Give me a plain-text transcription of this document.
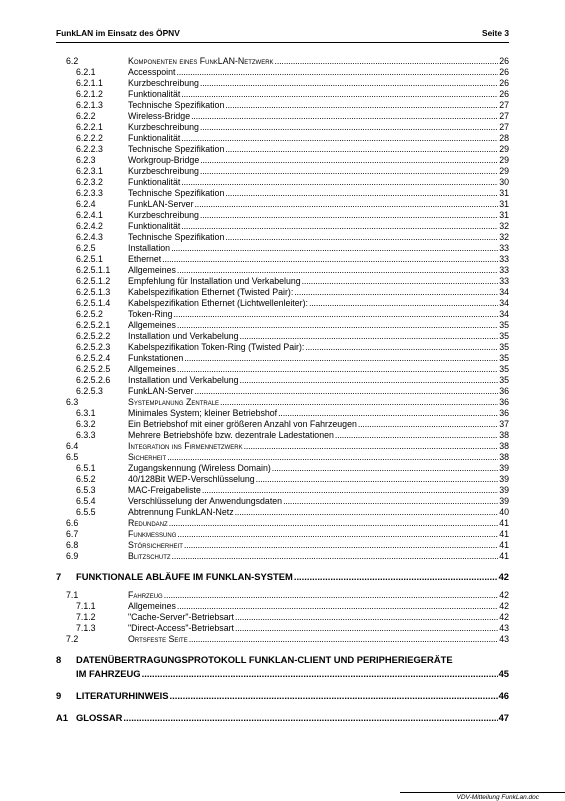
FunkLAN im Einsatz des ÖPNV	Seite 3
6.2	Komponenten eines FunkLAN-Netzwerk . . .	26
6.2.1	Accesspoint . . .	26
6.2.1.1	Kurzbeschreibung . . .	26
6.2.1.2	Funktionalität . . .	26
6.2.1.3	Technische Spezifikation . . .	27
6.2.2	Wireless-Bridge . . .	27
6.2.2.1	Kurzbeschreibung . . .	27
6.2.2.2	Funktionalität . . .	28
6.2.2.3	Technische Spezifikation . . .	29
6.2.3	Workgroup-Bridge . . .	29
6.2.3.1	Kurzbeschreibung . . .	29
6.2.3.2	Funktionalität . . .	30
6.2.3.3	Technische Spezifikation . . .	31
6.2.4	FunkLAN-Server . . .	31
6.2.4.1	Kurzbeschreibung . . .	31
6.2.4.2	Funktionalität . . .	32
6.2.4.3	Technische Spezifikation . . .	32
6.2.5	Installation . . .	33
6.2.5.1	Ethernet . . .	33
6.2.5.1.1 Allgemeines . . .	33
6.2.5.1.2 Empfehlung für Installation und Verkabelung . . .	33
6.2.5.1.3 Kabelspezifikation Ethernet (Twisted Pair): . . .	34
6.2.5.1.4 Kabelspezifikation Ethernet (Lichtwellenleiter): . . .	34
6.2.5.2	Token-Ring . . .	34
6.2.5.2.1 Allgemeines . . .	35
6.2.5.2.2 Installation und Verkabelung . . .	35
6.2.5.2.3 Kabelspezifikation Token-Ring (Twisted Pair): . . .	35
6.2.5.2.4 Funkstationen . . .	35
6.2.5.2.5 Allgemeines . . .	35
6.2.5.2.6 Installation und Verkabelung . . .	35
6.2.5.3	FunkLAN-Server . . .	36
6.3	Systemplanung Zentrale . . .	36
6.3.1	Minimales System; kleiner Betriebshof . . .	36
6.3.2	Ein Betriebshof mit einer größeren Anzahl von Fahrzeugen . . .	37
6.3.3	Mehrere Betriebshöfe bzw. dezentrale Ladestationen . . .	38
6.4	Integration ins Firmennetzwerk . . .	38
6.5	Sicherheit . . .	38
6.5.1	Zugangskennung (Wireless Domain) . . .	39
6.5.2	40/128Bit WEP-Verschlüsselung . . .	39
6.5.3	MAC-Freigabeliste . . .	39
6.5.4	Verschlüsselung der Anwendungsdaten . . .	39
6.5.5	Abtrennung FunkLAN-Netz . . .	40
6.6	Redundanz . . .	41
6.7	Funkmessung . . .	41
6.8	Störsicherheit . . .	41
6.9	Blitzschutz . . .	41
7 FUNKTIONALE ABLÄUFE IM FUNKLAN-SYSTEM . . .	42
7.1	Fahrzeug . . .	42
7.1.1	Allgemeines . . .	42
7.1.2	"Cache-Server"-Betriebsart . . .	42
7.1.3	"Direct-Access"-Betriebsart . . .	43
7.2	Ortsfeste Seite . . .	43
8 DATENÜBERTRAGUNGSPROTOKOLL FUNKLAN-CLIENT UND PERIPHERIEGERÄTE
IM FAHRZEUG . . .	45
9 LITERATURHINWEIS . . .	46
A1 GLOSSAR . . .	47
VDV-Mitteilung FunkLan.doc
